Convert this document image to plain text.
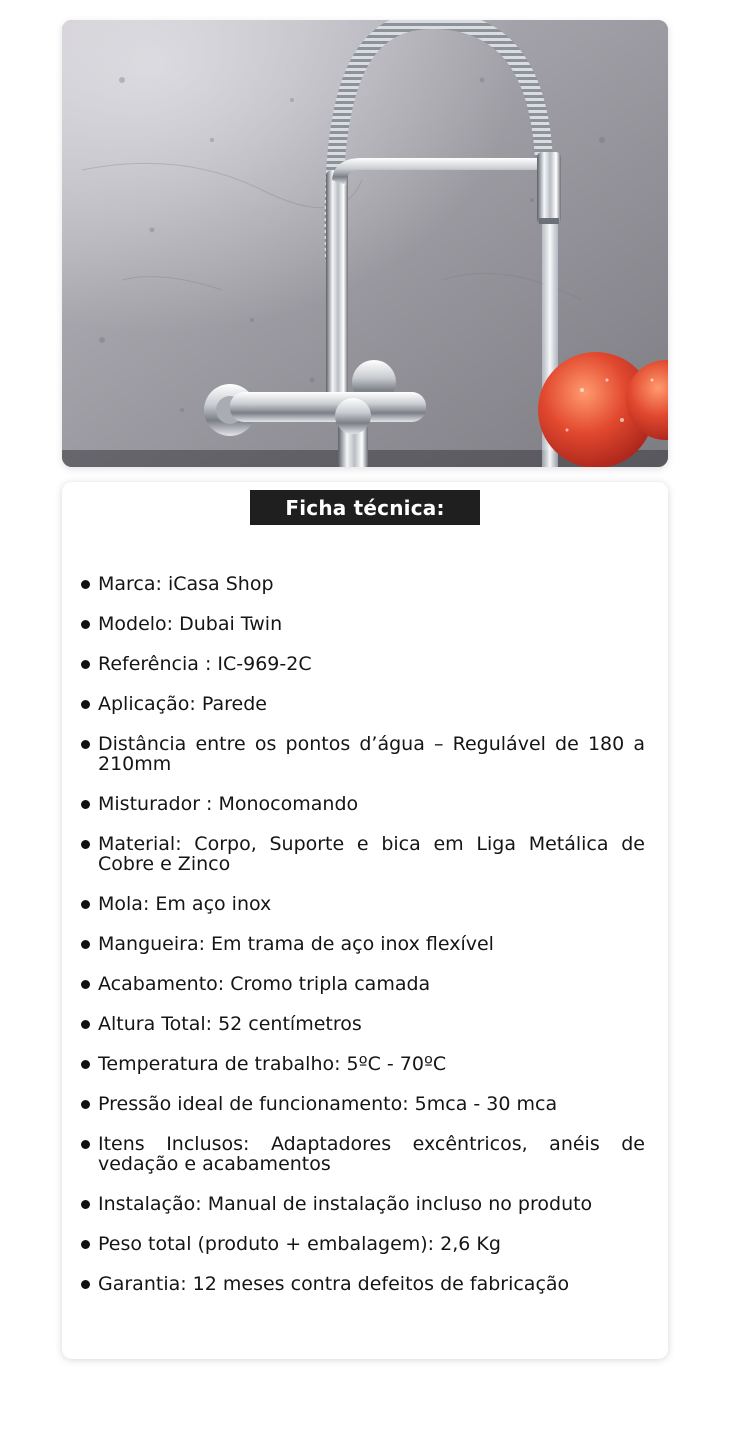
Ficha técnica:
Marca: iCasa Shop
Modelo: Dubai Twin
Referência : IC-969-2C
Aplicação: Parede
Distância entre os pontos d’água – Regulável de 180 a 210mm
Misturador : Monocomando
Material: Corpo, Suporte e bica em Liga Metálica de Cobre e Zinco
Mola: Em aço inox
Mangueira: Em trama de aço inox flexível
Acabamento: Cromo tripla camada
Altura Total: 52 centímetros
Temperatura de trabalho: 5ºC - 70ºC
Pressão ideal de funcionamento: 5mca - 30 mca
Itens Inclusos: Adaptadores excêntricos, anéis de vedação e acabamentos
Instalação: Manual de instalação incluso no produto
Peso total (produto + embalagem): 2,6 Kg
Garantia: 12 meses contra defeitos de fabricação
